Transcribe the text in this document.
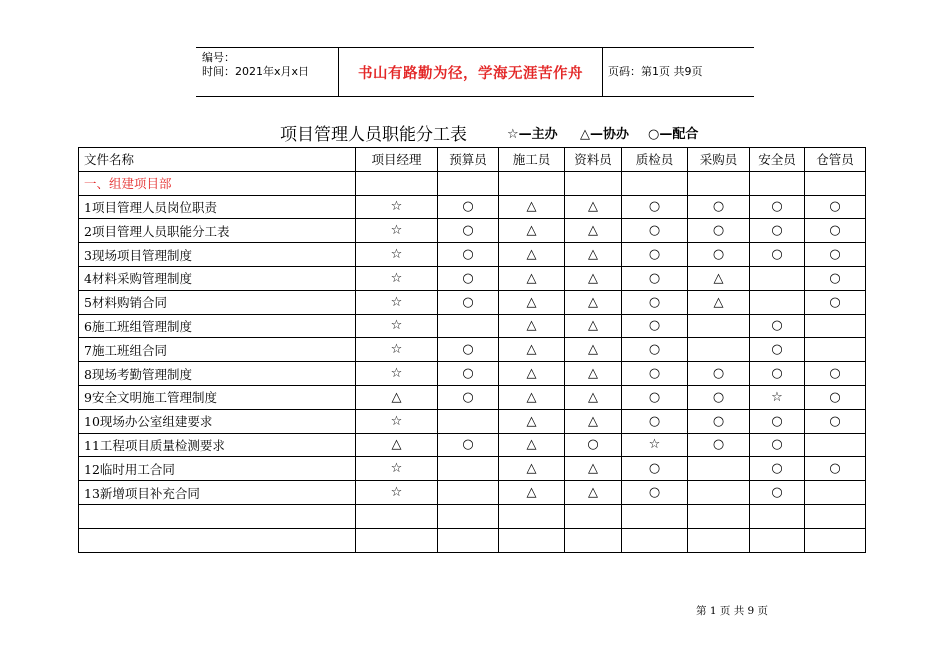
编号：
时间：2021年x月x日	书山有路勤为径，学海无涯苦作舟	页码：第1页 共9页
项目管理人员职能分工表	☆—主办 △—协办 ○—配合
文件名称	项目经理	预算员	施工员	资料员	质检员	采购员	安全员	仓管员
一、组建项目部								
1项目管理人员岗位职责	☆	○	△	△	○	○	○	○
2项目管理人员职能分工表	☆	○	△	△	○	○	○	○
3现场项目管理制度	☆	○	△	△	○	○	○	○
4材料采购管理制度	☆	○	△	△	○	△		○
5材料购销合同	☆	○	△	△	○	△		○
6施工班组管理制度	☆		△	△	○		○	
7施工班组合同	☆	○	△	△	○		○	
8现场考勤管理制度	☆	○	△	△	○	○	○	○
9安全文明施工管理制度	△	○	△	△	○	○	☆	○
10现场办公室组建要求	☆		△	△	○	○	○	○
11工程项目质量检测要求	△	○	△	○	☆	○	○	
12临时用工合同	☆		△	△	○		○	○
13新增项目补充合同	☆		△	△	○		○	

第 1 页 共 9 页
